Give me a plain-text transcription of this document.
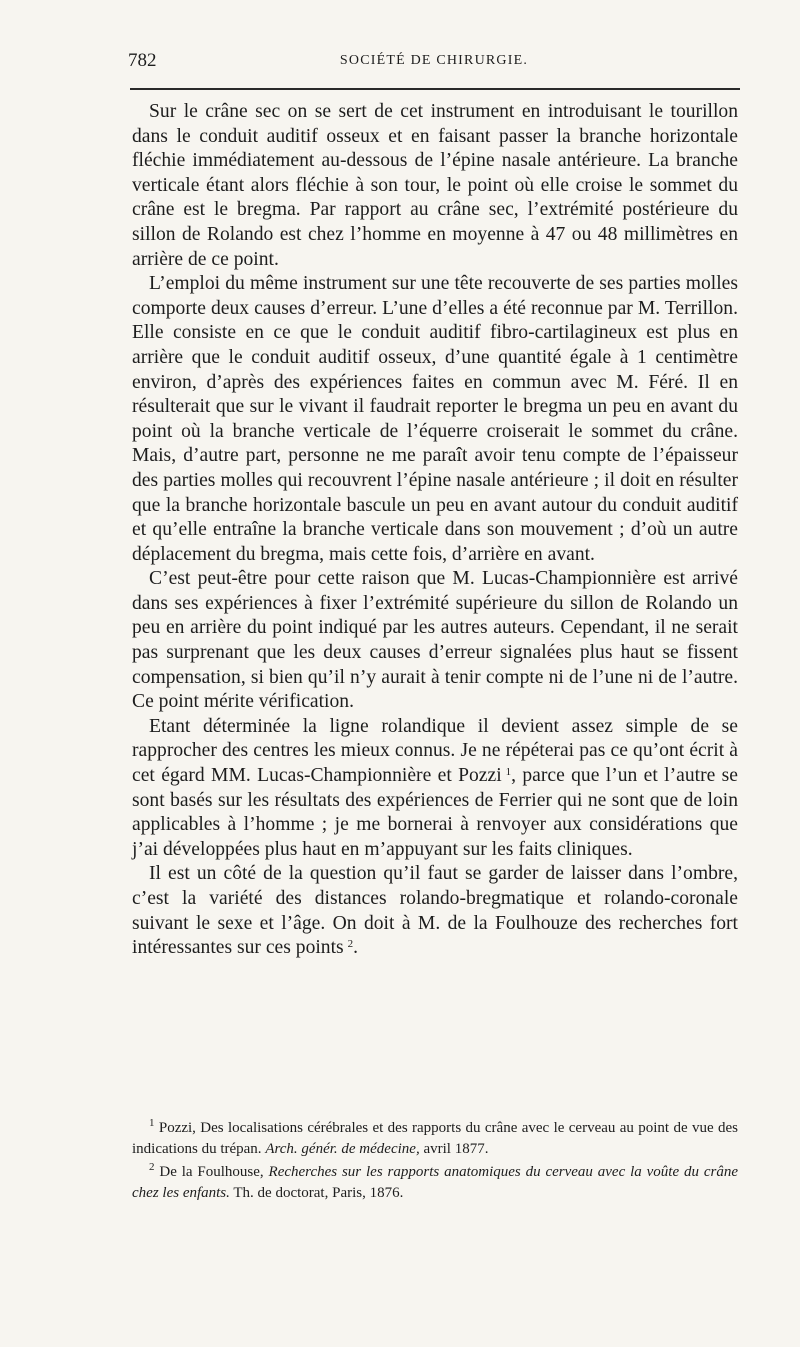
782	SOCIÉTÉ DE CHIRURGIE.

Sur le crâne sec on se sert de cet instrument en introduisant le tourillon dans le conduit auditif osseux et en faisant passer la branche horizontale fléchie immédiatement au-dessous de l’épine nasale antérieure. La branche verticale étant alors fléchie à son tour, le point où elle croise le sommet du crâne est le bregma. Par rapport au crâne sec, l’extrémité postérieure du sillon de Rolando est chez l’homme en moyenne à 47 ou 48 millimètres en arrière de ce point.

L’emploi du même instrument sur une tête recouverte de ses parties molles comporte deux causes d’erreur. L’une d’elles a été reconnue par M. Terrillon. Elle consiste en ce que le conduit auditif fibro-cartilagineux est plus en arrière que le conduit auditif osseux, d’une quantité égale à 1 centimètre environ, d’après des expériences faites en commun avec M. Féré. Il en résulterait que sur le vivant il faudrait reporter le bregma un peu en avant du point où la branche verticale de l’équerre croiserait le sommet du crâne. Mais, d’autre part, personne ne me paraît avoir tenu compte de l’épaisseur des parties molles qui recouvrent l’épine nasale antérieure ; il doit en résulter que la branche horizontale bascule un peu en avant autour du conduit auditif et qu’elle entraîne la branche verticale dans son mouvement ; d’où un autre déplacement du bregma, mais cette fois, d’arrière en avant.

C’est peut-être pour cette raison que M. Lucas-Championnière est arrivé dans ses expériences à fixer l’extrémité supérieure du sillon de Rolando un peu en arrière du point indiqué par les autres auteurs. Cependant, il ne serait pas surprenant que les deux causes d’erreur signalées plus haut se fissent compensation, si bien qu’il n’y aurait à tenir compte ni de l’une ni de l’autre. Ce point mérite vérification.

Etant déterminée la ligne rolandique il devient assez simple de se rapprocher des centres les mieux connus. Je ne répéterai pas ce qu’ont écrit à cet égard MM. Lucas-Championnière et Pozzi  $^1$, parce que l’un et l’autre se sont basés sur les résultats des expériences de Ferrier qui ne sont que de loin applicables à l’homme ; je me bornerai à renvoyer aux considérations que j’ai développées plus haut en m’appuyant sur les faits cliniques.

Il est un côté de la question qu’il faut se garder de laisser dans l’ombre, c’est la variété des distances rolando-bregmatique et rolando-coronale suivant le sexe et l’âge. On doit à M. de la Foulhouze des recherches fort intéressantes sur ces points  $^2$.

$^1$ Pozzi, Des localisations cérébrales et des rapports du crâne avec le cerveau au point de vue des indications du trépan. Arch. génér. de médecine, avril 1877.

$^2$ De la Foulhouse, Recherches sur les rapports anatomiques du cerveau avec la voûte du crâne chez les enfants. Th. de doctorat, Paris, 1876.
